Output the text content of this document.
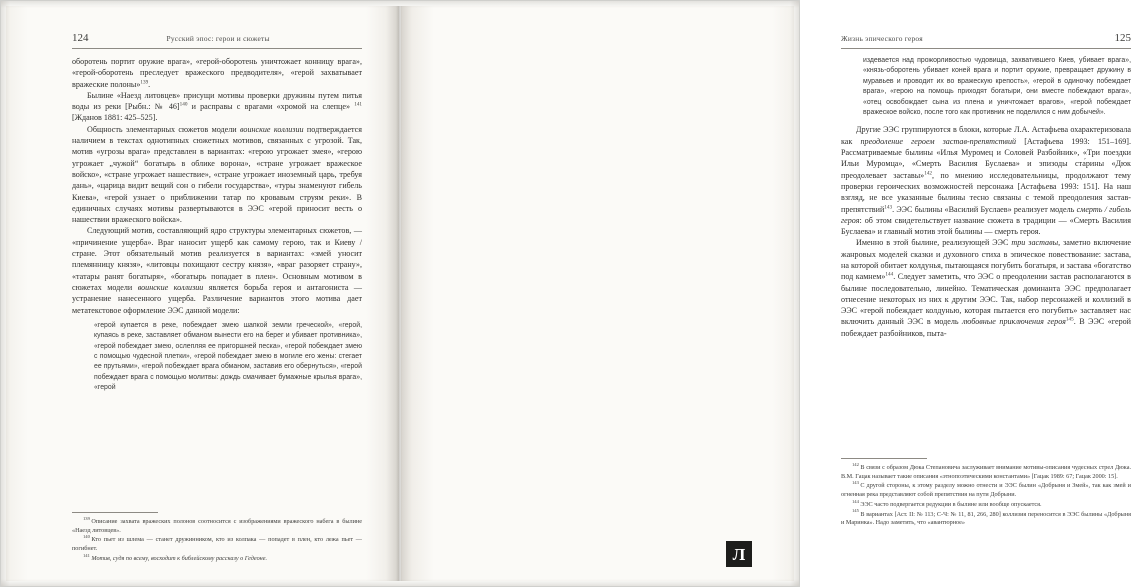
124	Русский эпос: герои и сюжеты

оборотень портит оружие врага», «герой-оборотень уничтожает конницу врага», «герой-оборотень преследует вражеского предводителя», «герой захватывает вражеские полоны»$^{139}$.

Былине «Наезд литовцев» присущи мотивы проверки дружины путем питья воды из реки [Рыбн.: № 46]$^{140}$ и расправы с врагами «хромой на слепце» $^{141}$ [Жданов 1881: 425–525].

Общность элементарных сюжетов модели воинские коллизии подтверждается наличием в текстах однотипных сюжетных мотивов, связанных с угрозой. Так, мотив «угрозы врага» представлен в вариантах: «герою угрожает змея», «герою угрожает „чужой“ богатырь в облике ворона», «стране угрожает вражеское войско», «стране угрожает нашествие», «стране угрожает иноземный царь, требуя дань», «царица видит вещий сон о гибели государства», «туры знаменуют гибель Киева», «герой узнает о приближении татар по кровавым струям реки». В единичных случаях мотивы развертываются в ЭЭС «герой приносит весть о нашествии вражеского войска».

Следующий мотив, составляющий ядро структуры элементарных сюжетов, — «причинение ущерба». Враг наносит ущерб как самому герою, так и Киеву / стране. Этот обязательный мотив реализуется в вариантах: «змей уносит племянницу князя», «литовцы похищают сестру князя», «враг разоряет страну», «татары ранят богатыря», «богатырь попадает в плен». Основным мотивом в сюжетах модели воинские коллизии является борьба героя и антагониста — устранение нанесенного ущерба. Различение вариантов этого мотива дает метатекстовое оформление ЭЭС данной модели:

«герой купается в реке, побеждает змею шапкой земли греческой», «герой, купаясь в реке, заставляет обманом вынести его на берег и убивает противника», «герой побеждает змею, ослепляя ее пригоршней песка», «герой побеждает змею с помощью чудесной плетки», «герой побеждает змею в могиле его жены: стегает ее прутьями», «герой побеждает врага обманом, заставив его обернуться», «герой побеждает врага с помощью молитвы: дождь смачивает бумажные крылья врага», «герой

$^{139}$ Описание захвата вражеских полонов соотносится с изображениями вражеского набега в былине «Наезд литовцев».

$^{140}$ Кто пьет из шлема — станет дружинником, кто из колпака — попадет в плен, кто лежа пьет — погибнет.

$^{141}$ Мотив, судя по всему, восходит к библейскому рассказу о Гедеоне.

Жизнь эпического героя	125

издевается над прожорливостью чудовища, захватившего Киев, убивает врага», «князь-оборотень убивает коней врага и портит оружие, превращает дружину в муравьев и проводит их во вражескую крепость», «герой в одиночку побеждает врага», «герою на помощь приходят богатыри, они вместе побеждают врага», «отец освобождает сына из плена и уничтожает врагов», «герой побеждает вражеское войско, после того как противник не поделился с ним добычей».

Другие ЭЭС группируются в блоки, которые Л.А. Астафьева охарактеризовала как преодоление героем застав-препятствий [Астафьева 1993: 151–169]. Рассматриваемые былины «Илья Муромец и Соловей Разбойник», «Три поездки Ильи Муромца», «Смерть Василия Буслаева» и эпизоды ста́рины «Дюк преодолевает заставы»$^{142}$, по мнению исследовательницы, продолжают тему проверки героических возможностей персонажа [Астафьева 1993: 151]. На наш взгляд, не все указанные былины тесно связаны с темой преодоления застав-препятствий$^{143}$. ЭЭС былины «Василий Буслаев» реализует модель смерть / гибель героя: об этом свидетельствует название сюжета в традиции — «Смерть Василия Буслаева» и главный мотив этой былины — смерть героя.

Именно в этой былине, реализующей ЭЭС три заставы, заметно включение жанровых моделей сказки и духовного стиха в эпическое повествование: застава, на которой обитает колдунья, пытающаяся погубить богатыря, и застава «богатство под камнем»$^{144}$. Следует заметить, что ЭЭС о преодолении застав располагаются в былине последовательно, линейно. Тематическая доминанта ЭЭС предполагает отнесение некоторых из них к другим ЭЭС. Так, набор персонажей и коллизий в ЭЭС «герой побеждает колдунью, которая пытается его погубить» заставляет нас включить данный ЭЭС в модель любовные приключения героя$^{145}$. В ЭЭС «герой побеждает разбойников, пыта-

$^{142}$ В связи с образом Дюка Степановича заслуживает внимание мотивы-описания чудесных стрел Дюка. В.М. Гацак называет такие описания «этнопоэтическими константами» [Гацак 1989: 67; Гацак 2000: 15].

$^{143}$ С другой стороны, к этому разделу можно отнести и ЭЭС былин «Добрыня и Змей», так как змей и огненная река представляют собой препятствия на пути Добрыни.

$^{144}$ ЭЭС часто подвергается редукции в былине или вообще опускается.

$^{145}$ В вариантах [Аст. II: № 113; С-Ч: № 11, 81, 266, 280] коллизия переносится в ЭЭС былины «Добрыня и Маринка». Надо заметить, что «авантюрное»

Л
